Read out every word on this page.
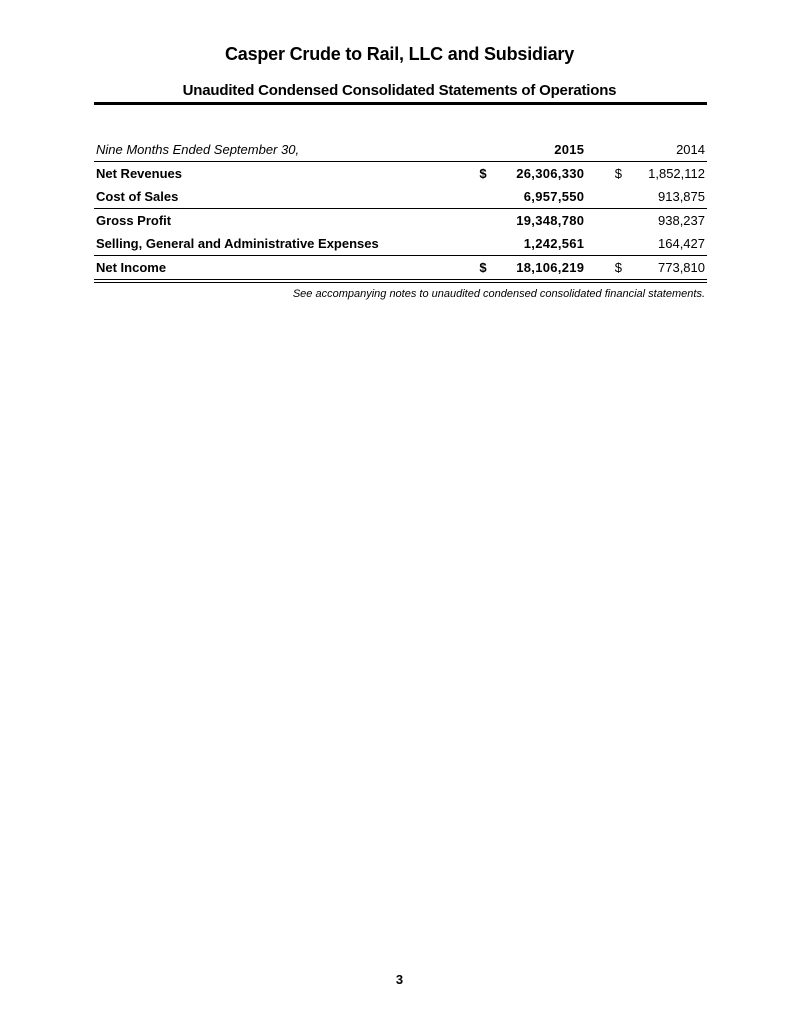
Casper Crude to Rail, LLC and Subsidiary
Unaudited Condensed Consolidated Statements of Operations
Nine Months Ended September 30,		2015			2014
Net Revenues	$	26,306,330		$	1,852,112
Cost of Sales		6,957,550			913,875
Gross Profit		19,348,780			938,237
Selling, General and Administrative Expenses		1,242,561			164,427
Net Income	$	18,106,219		$	773,810
See accompanying notes to unaudited condensed consolidated financial statements.
3
